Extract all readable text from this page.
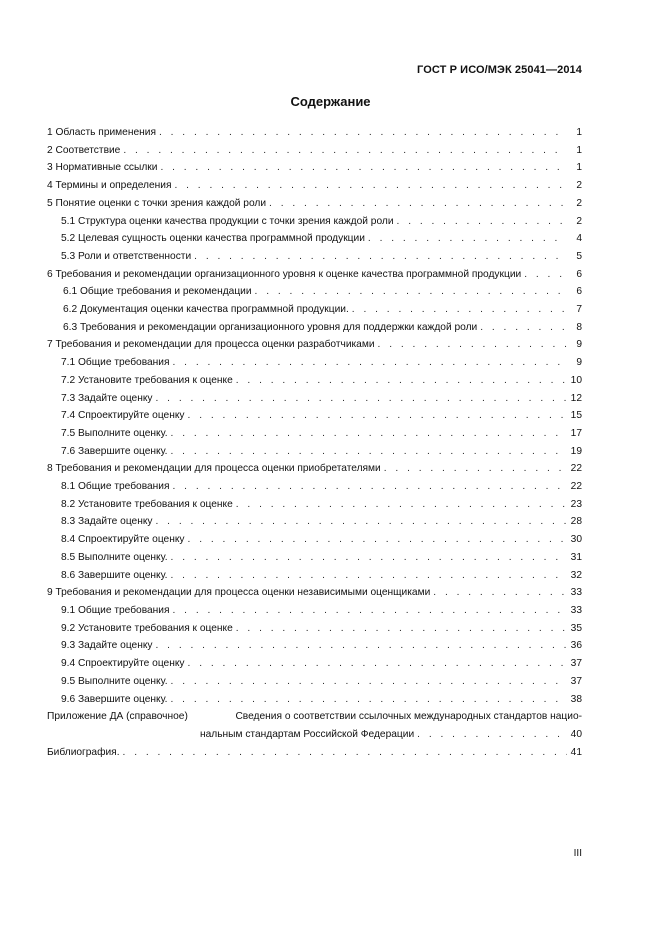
ГОСТ Р ИСО/МЭК 25041—2014
Содержание
1 Область применения . . .	1
2 Соответствие . . .	1
3 Нормативные ссылки . . .	1
4 Термины и определения . . .	2
5 Понятие оценки с точки зрения каждой роли . . .	2
5.1 Структура оценки качества продукции с точки зрения каждой роли . . .	2
5.2 Целевая сущность оценки качества программной продукции . . .	4
5.3 Роли и ответственности . . .	5
6 Требования и рекомендации организационного уровня к оценке качества программной продукции . . .	6
6.1 Общие требования и рекомендации . . .	6
6.2 Документация оценки качества программной продукции. . . .	7
6.3 Требования и рекомендации организационного уровня для поддержки каждой роли . . .	8
7 Требования и рекомендации для процесса оценки разработчиками . . .	9
7.1 Общие требования . . .	9
7.2 Установите требования к оценке . . .	10
7.3 Задайте оценку . . .	12
7.4 Спроектируйте оценку . . .	15
7.5 Выполните оценку. . . .	17
7.6 Завершите оценку. . . .	19
8 Требования и рекомендации для процесса оценки приобретателями . . .	22
8.1 Общие требования . . .	22
8.2 Установите требования к оценке . . .	23
8.3 Задайте оценку . . .	28
8.4 Спроектируйте оценку . . .	30
8.5 Выполните оценку. . . .	31
8.6 Завершите оценку. . . .	32
9 Требования и рекомендации для процесса оценки независимыми оценщиками . . .	33
9.1 Общие требования . . .	33
9.2 Установите требования к оценке . . .	35
9.3 Задайте оценку . . .	36
9.4 Спроектируйте оценку . . .	37
9.5 Выполните оценку. . . .	37
9.6 Завершите оценку. . . .	38
Приложение ДА (справочное)	Сведения о соответствии ссылочных международных стандартов нацио-
нальным стандартам Российской Федерации . . .	40
Библиография. . . .	41
III
